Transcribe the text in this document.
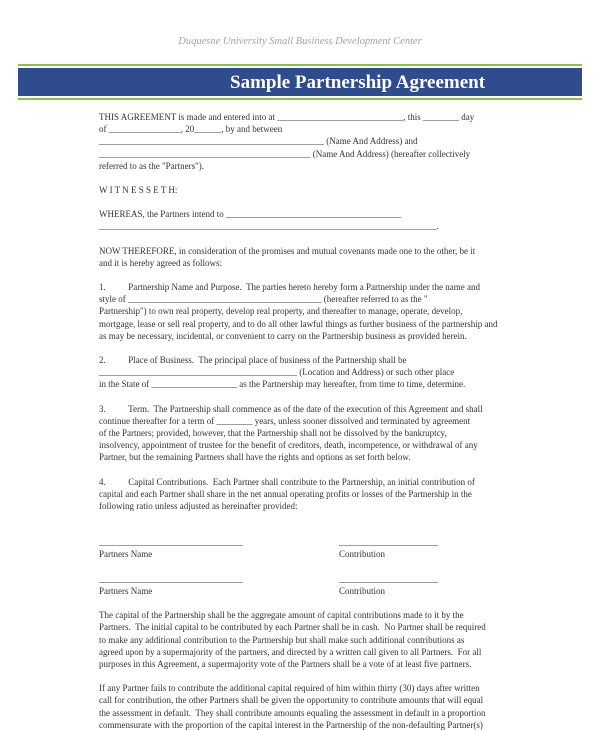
Duquesne University Small Business Development Center
Sample Partnership Agreement

THIS AGREEMENT is made and entered into at ____________________________, this ________ day

of ________________, 20______, by and between

__________________________________________________ (Name And Address) and

_______________________________________________ (Name And Address) (hereafter collectively

referred to as the "Partners").

W I T N E S S E T H:

WHEREAS, the Partners intend to _______________________________________

___________________________________________________________________________.

NOW THEREFORE, in consideration of the promises and mutual covenants made one to the other, be it

and it is hereby agreed as follows:

1.          Partnership Name and Purpose.  The parties hereto hereby form a Partnership under the name and

style of ___________________________________________ (hereafter referred to as the "

Partnership") to own real property, develop real property, and thereafter to manage, operate, develop,

mortgage, lease or sell real property, and to do all other lawful things as further business of the partnership and

as may be necessary, incidental, or convenient to carry on the Partnership business as provided herein.

2.          Place of Business.  The principal place of business of the Partnership shall be

____________________________________________ (Location and Address) or such other place

in the State of ___________________ as the Partnership may hereafter, from time to time, determine.

3.          Term.  The Partnership shall commence as of the date of the execution of this Agreement and shall

continue thereafter for a term of ________ years, unless sooner dissolved and terminated by agreement

of the Partners; provided, however, that the Partnership shall not be dissolved by the bankruptcy,

insolvency, appointment of trustee for the benefit of creditors, death, incompetence, or withdrawal of any

Partner, but the remaining Partners shall have the rights and options as set forth below.

4.          Capital Contributions.  Each Partner shall contribute to the Partnership, an initial contribution of

capital and each Partner shall share in the net annual operating profits or losses of the Partnership in the

following ratio unless adjusted as hereinafter provided:

________________________________

Partners Name

______________________

Contribution

________________________________

Partners Name

______________________

Contribution

The capital of the Partnership shall be the aggregate amount of capital contributions made to it by the

Partners.  The initial capital to be contributed by each Partner shall be in cash.  No Partner shall be required

to make any additional contribution to the Partnership but shall make such additional contributions as

agreed upon by a supermajority of the partners, and directed by a written call given to all Partners.  For all

purposes in this Agreement, a supermajority vote of the Partners shall be a vote of at least five partners.

If any Partner fails to contribute the additional capital required of him within thirty (30) days after written

call for contribution, the other Partners shall be given the opportunity to contribute amounts that will equal

the assessment in default.  They shall contribute amounts equaling the assessment in default in a proportion

commensurate with the proportion of the capital interest in the Partnership of the non-defaulting Partner(s)
